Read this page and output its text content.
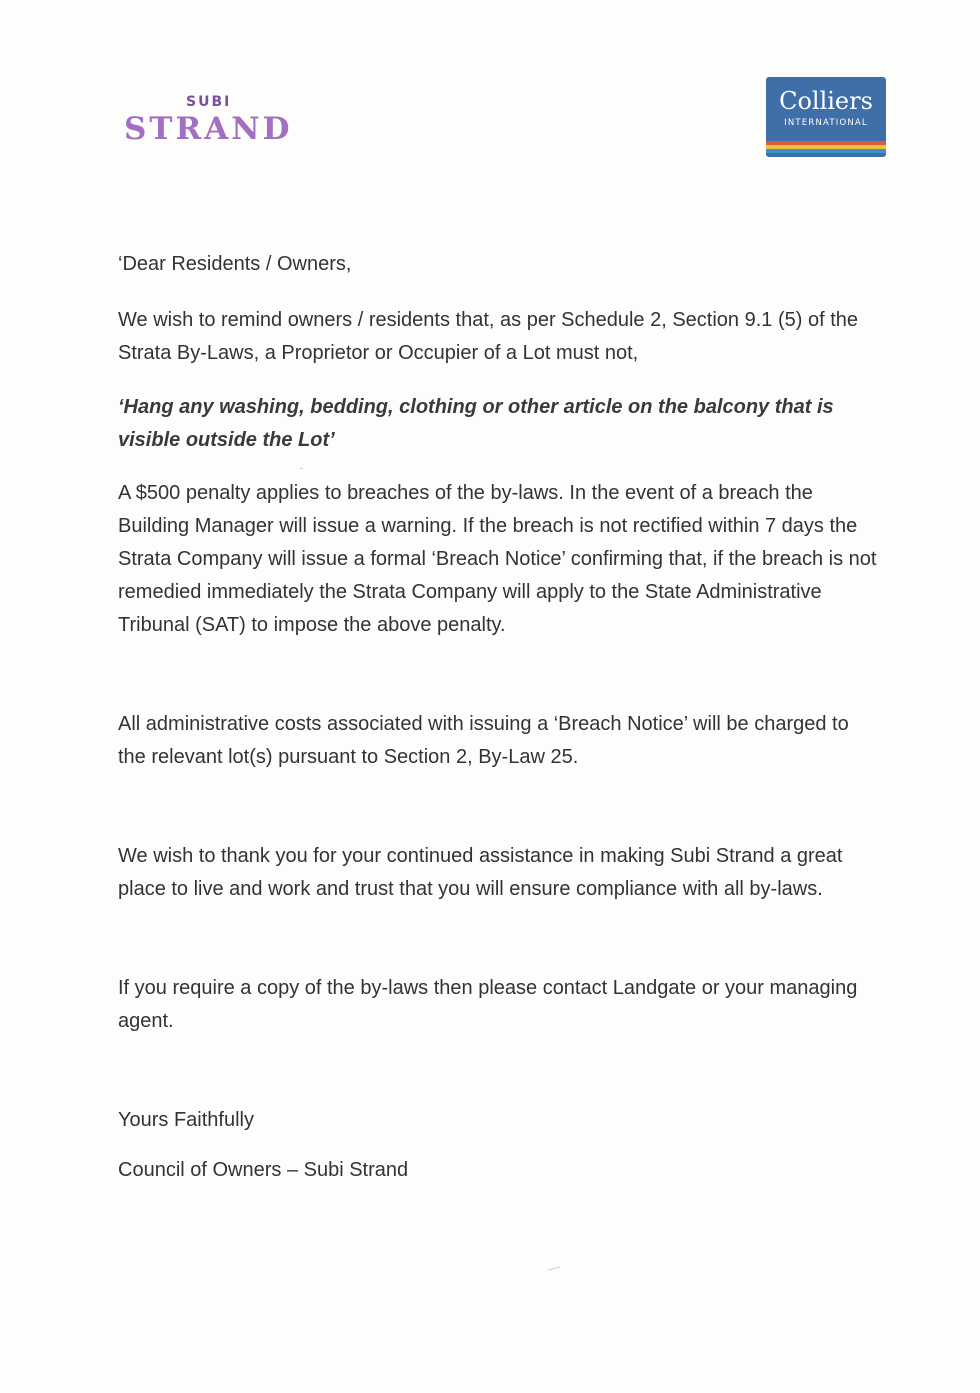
SUBI
STRAND
Colliers
INTERNATIONAL

‘Dear Residents / Owners,

We wish to remind owners / residents that, as per Schedule 2, Section 9.1 (5) of the Strata By-Laws, a Proprietor or Occupier of a Lot must not,

‘Hang any washing, bedding, clothing or other article on the balcony that is visible outside the Lot’

A $500 penalty applies to breaches of the by-laws. In the event of a breach the Building Manager will issue a warning. If the breach is not rectified within 7 days the Strata Company will issue a formal ‘Breach Notice’ confirming that, if the breach is not remedied immediately the Strata Company will apply to the State Administrative Tribunal (SAT) to impose the above penalty.

All administrative costs associated with issuing a ‘Breach Notice’ will be charged to the relevant lot(s) pursuant to Section 2, By-Law 25.

We wish to thank you for your continued assistance in making Subi Strand a great place to live and work and trust that you will ensure compliance with all by-laws.

If you require a copy of the by-laws then please contact Landgate or your managing agent.

Yours Faithfully

Council of Owners – Subi Strand
